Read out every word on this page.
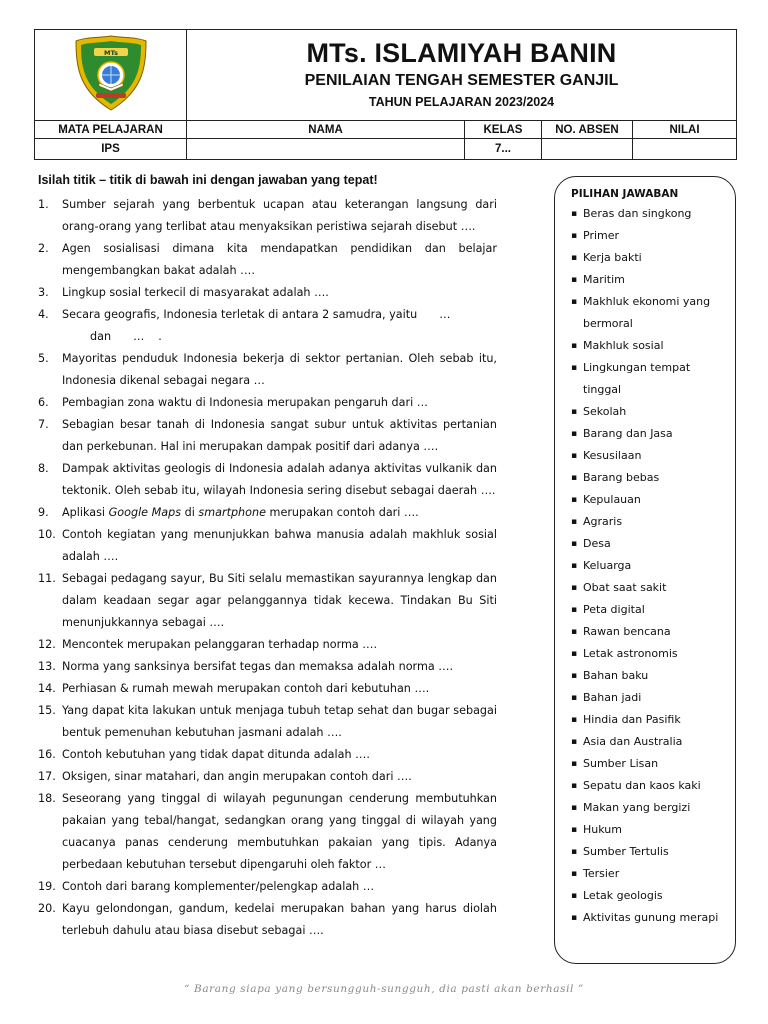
MTs	MTs. ISLAMIYAH BANIN
PENILAIAN TENGAH SEMESTER GANJIL
TAHUN PELAJARAN 2023/2024			

MATA PELAJARAN	NAMA	KELAS	NO. ABSEN	NILAI
IPS		7...		
Isilah titik – titik di bawah ini dengan jawaban yang tepat!
1.	Sumber sejarah yang berbentuk ucapan atau keterangan langsung dari orang-orang yang terlibat atau menyaksikan peristiwa sejarah disebut ….
2.	Agen sosialisasi dimana kita mendapatkan pendidikan dan belajar mengembangkan bakat adalah ….
3.	Lingkup sosial terkecil di masyarakat adalah ….
4.	Secara geografis, Indonesia terletak di antara 2 samudra, yaitu …
dan … .
5.	Mayoritas penduduk Indonesia bekerja di sektor pertanian. Oleh sebab itu, Indonesia dikenal sebagai negara …
6.	Pembagian zona waktu di Indonesia merupakan pengaruh dari …
7.	Sebagian besar tanah di Indonesia sangat subur untuk aktivitas pertanian dan perkebunan. Hal ini merupakan dampak positif dari adanya ….
8.	Dampak aktivitas geologis di Indonesia adalah adanya aktivitas vulkanik dan tektonik. Oleh sebab itu, wilayah Indonesia sering disebut sebagai daerah ….
9.	Aplikasi Google Maps di smartphone merupakan contoh dari ….
10. Contoh kegiatan yang menunjukkan bahwa manusia adalah makhluk sosial adalah ….
11. Sebagai pedagang sayur, Bu Siti selalu memastikan sayurannya lengkap dan dalam keadaan segar agar pelanggannya tidak kecewa. Tindakan Bu Siti menunjukkannya sebagai ….
12. Mencontek merupakan pelanggaran terhadap norma ….
13. Norma yang sanksinya bersifat tegas dan memaksa adalah norma ….
14. Perhiasan & rumah mewah merupakan contoh dari kebutuhan ….
15. Yang dapat kita lakukan untuk menjaga tubuh tetap sehat dan bugar sebagai bentuk pemenuhan kebutuhan jasmani adalah ….
16. Contoh kebutuhan yang tidak dapat ditunda adalah ….
17. Oksigen, sinar matahari, dan angin merupakan contoh dari ….
18. Seseorang yang tinggal di wilayah pegunungan cenderung membutuhkan pakaian yang tebal/hangat, sedangkan orang yang tinggal di wilayah yang cuacanya panas cenderung membutuhkan pakaian yang tipis. Adanya perbedaan kebutuhan tersebut dipengaruhi oleh faktor …
19. Contoh dari barang komplementer/pelengkap adalah …
20. Kayu gelondongan, gandum, kedelai merupakan bahan yang harus diolah terlebuh dahulu atau biasa disebut sebagai ….
PILIHAN JAWABAN
▪ Beras dan singkong
▪ Primer
▪ Kerja bakti
▪ Maritim
▪ Makhluk ekonomi yang bermoral
▪ Makhluk sosial
▪ Lingkungan tempat tinggal
▪ Sekolah
▪ Barang dan Jasa
▪ Kesusilaan
▪ Barang bebas
▪ Kepulauan
▪ Agraris
▪ Desa
▪ Keluarga
▪ Obat saat sakit
▪ Peta digital
▪ Rawan bencana
▪ Letak astronomis
▪ Bahan baku
▪ Bahan jadi
▪ Hindia dan Pasifik
▪ Asia dan Australia
▪ Sumber Lisan
▪ Sepatu dan kaos kaki
▪ Makan yang bergizi
▪ Hukum
▪ Sumber Tertulis
▪ Tersier
▪ Letak geologis
▪ Aktivitas gunung merapi
“ Barang siapa yang bersungguh-sungguh, dia pasti akan berhasil ”
